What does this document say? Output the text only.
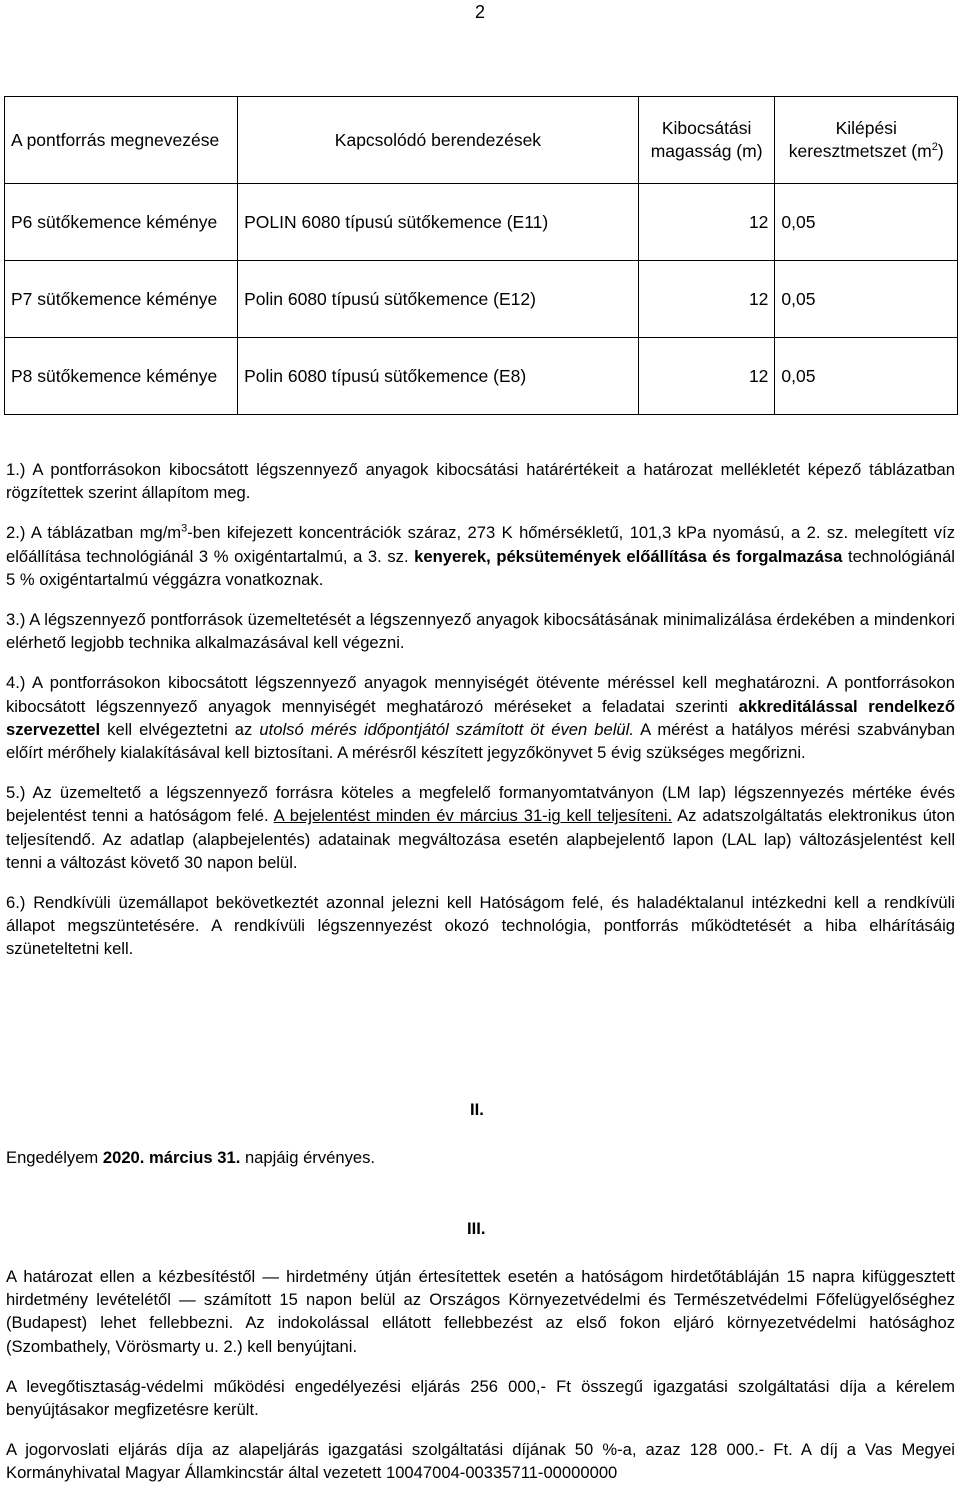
2
A pontforrás megnevezése	Kapcsolódó berendezések	Kibocsátási magasság (m)	Kilépési keresztmetszet $(m^2)$
P6 sütőkemence kéménye	POLIN 6080 típusú sütőkemence (E11)	12	0,05
P7 sütőkemence kéménye	Polin 6080 típusú sütőkemence (E12)	12	0,05
P8 sütőkemence kéménye	Polin 6080 típusú sütőkemence (E8)	12	0,05

1.) A pontforrásokon kibocsátott légszennyező anyagok kibocsátási határértékeit a határozat mellékletét képező táblázatban rögzítettek szerint állapítom meg.

2.) A táblázatban $mg/m^3$-ben kifejezett koncentrációk száraz, 273 K hőmérsékletű, 101,3 kPa nyomású, a 2. sz. melegített víz előállítása technológiánál 3 % oxigéntartalmú, a 3. sz. kenyerek, péksütemények előállítása és forgalmazása technológiánál 5 % oxigéntartalmú véggázra vonatkoznak.

3.) A légszennyező pontforrások üzemeltetését a légszennyező anyagok kibocsátásának minimalizálása érdekében a mindenkori elérhető legjobb technika alkalmazásával kell végezni.

4.) A pontforrásokon kibocsátott légszennyező anyagok mennyiségét ötévente méréssel kell meghatározni. A pontforrásokon kibocsátott légszennyező anyagok mennyiségét meghatározó méréseket a feladatai szerinti akkreditálással rendelkező szervezettel kell elvégeztetni az utolsó mérés időpontjától számított öt éven belül. A mérést a hatályos mérési szabványban előírt mérőhely kialakításával kell biztosítani. A mérésről készített jegyzőkönyvet 5 évig szükséges megőrizni.

5.) Az üzemeltető a légszennyező forrásra köteles a megfelelő formanyomtatványon (LM lap) légszennyezés mértéke évés bejelentést tenni a hatóságom felé. A bejelentést minden év március 31-ig kell teljesíteni. Az adatszolgáltatás elektronikus úton teljesítendő. Az adatlap (alapbejelentés) adatainak megváltozása esetén alapbejelentő lapon (LAL lap) változásjelentést kell tenni a változást követő 30 napon belül.

6.) Rendkívüli üzemállapot bekövetkeztét azonnal jelezni kell Hatóságom felé, és haladéktalanul intézkedni kell a rendkívüli állapot megszüntetésére. A rendkívüli légszennyezést okozó technológia, pontforrás működtetését a hiba elhárításáig szüneteltetni kell.

II.
Engedélyem 2020. március 31. napjáig érvényes.
III.

A határozat ellen a kézbesítéstől — hirdetmény útján értesítettek esetén a hatóságom hirdetőtábláján 15 napra kifüggesztett hirdetmény levételétől — számított 15 napon belül az Országos Környezetvédelmi és Természetvédelmi Főfelügyelőséghez (Budapest) lehet fellebbezni. Az indokolással ellátott fellebbezést az első fokon eljáró környezetvédelmi hatósághoz (Szombathely, Vörösmarty u. 2.) kell benyújtani.

A levegőtisztaság-védelmi működési engedélyezési eljárás 256 000,- Ft összegű igazgatási szolgáltatási díja a kérelem benyújtásakor megfizetésre került.

A jogorvoslati eljárás díja az alapeljárás igazgatási szolgáltatási díjának 50 %-a, azaz 128 000.- Ft. A díj a Vas Megyei Kormányhivatal Magyar Államkincstár által vezetett 10047004-00335711-00000000
